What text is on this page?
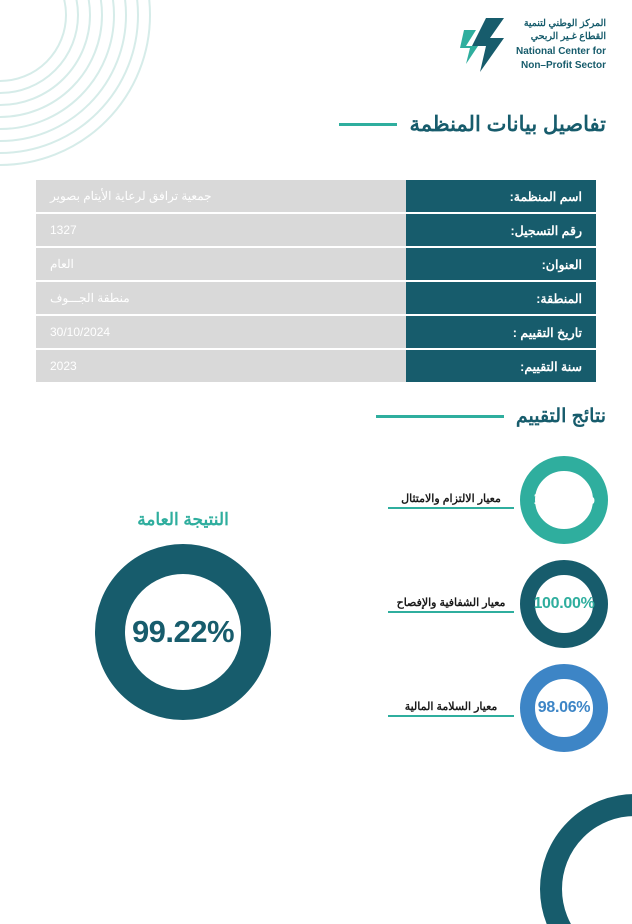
المركز الوطني لتنمية
القطاع غـير الربحي
National Center for
Non–Profit Sector
تفاصيل بيانات المنظمة
اسم المنظمة:	جمعية ترافق لرعاية الأيتام بصوير
رقم التسجيل:	1327
العنوان:	العام
المنطقة:	منطقة الجـــوف
تاريخ التقييم :	30/10/2024
سنة التقييم:	2023
نتائج التقييم
100.00%
معيار الالتزام والامتثال
100.00%
معيار الشفافية والإفصاح
98.06%
معيار السلامة المالية
النتيجة العامة
99.22%
